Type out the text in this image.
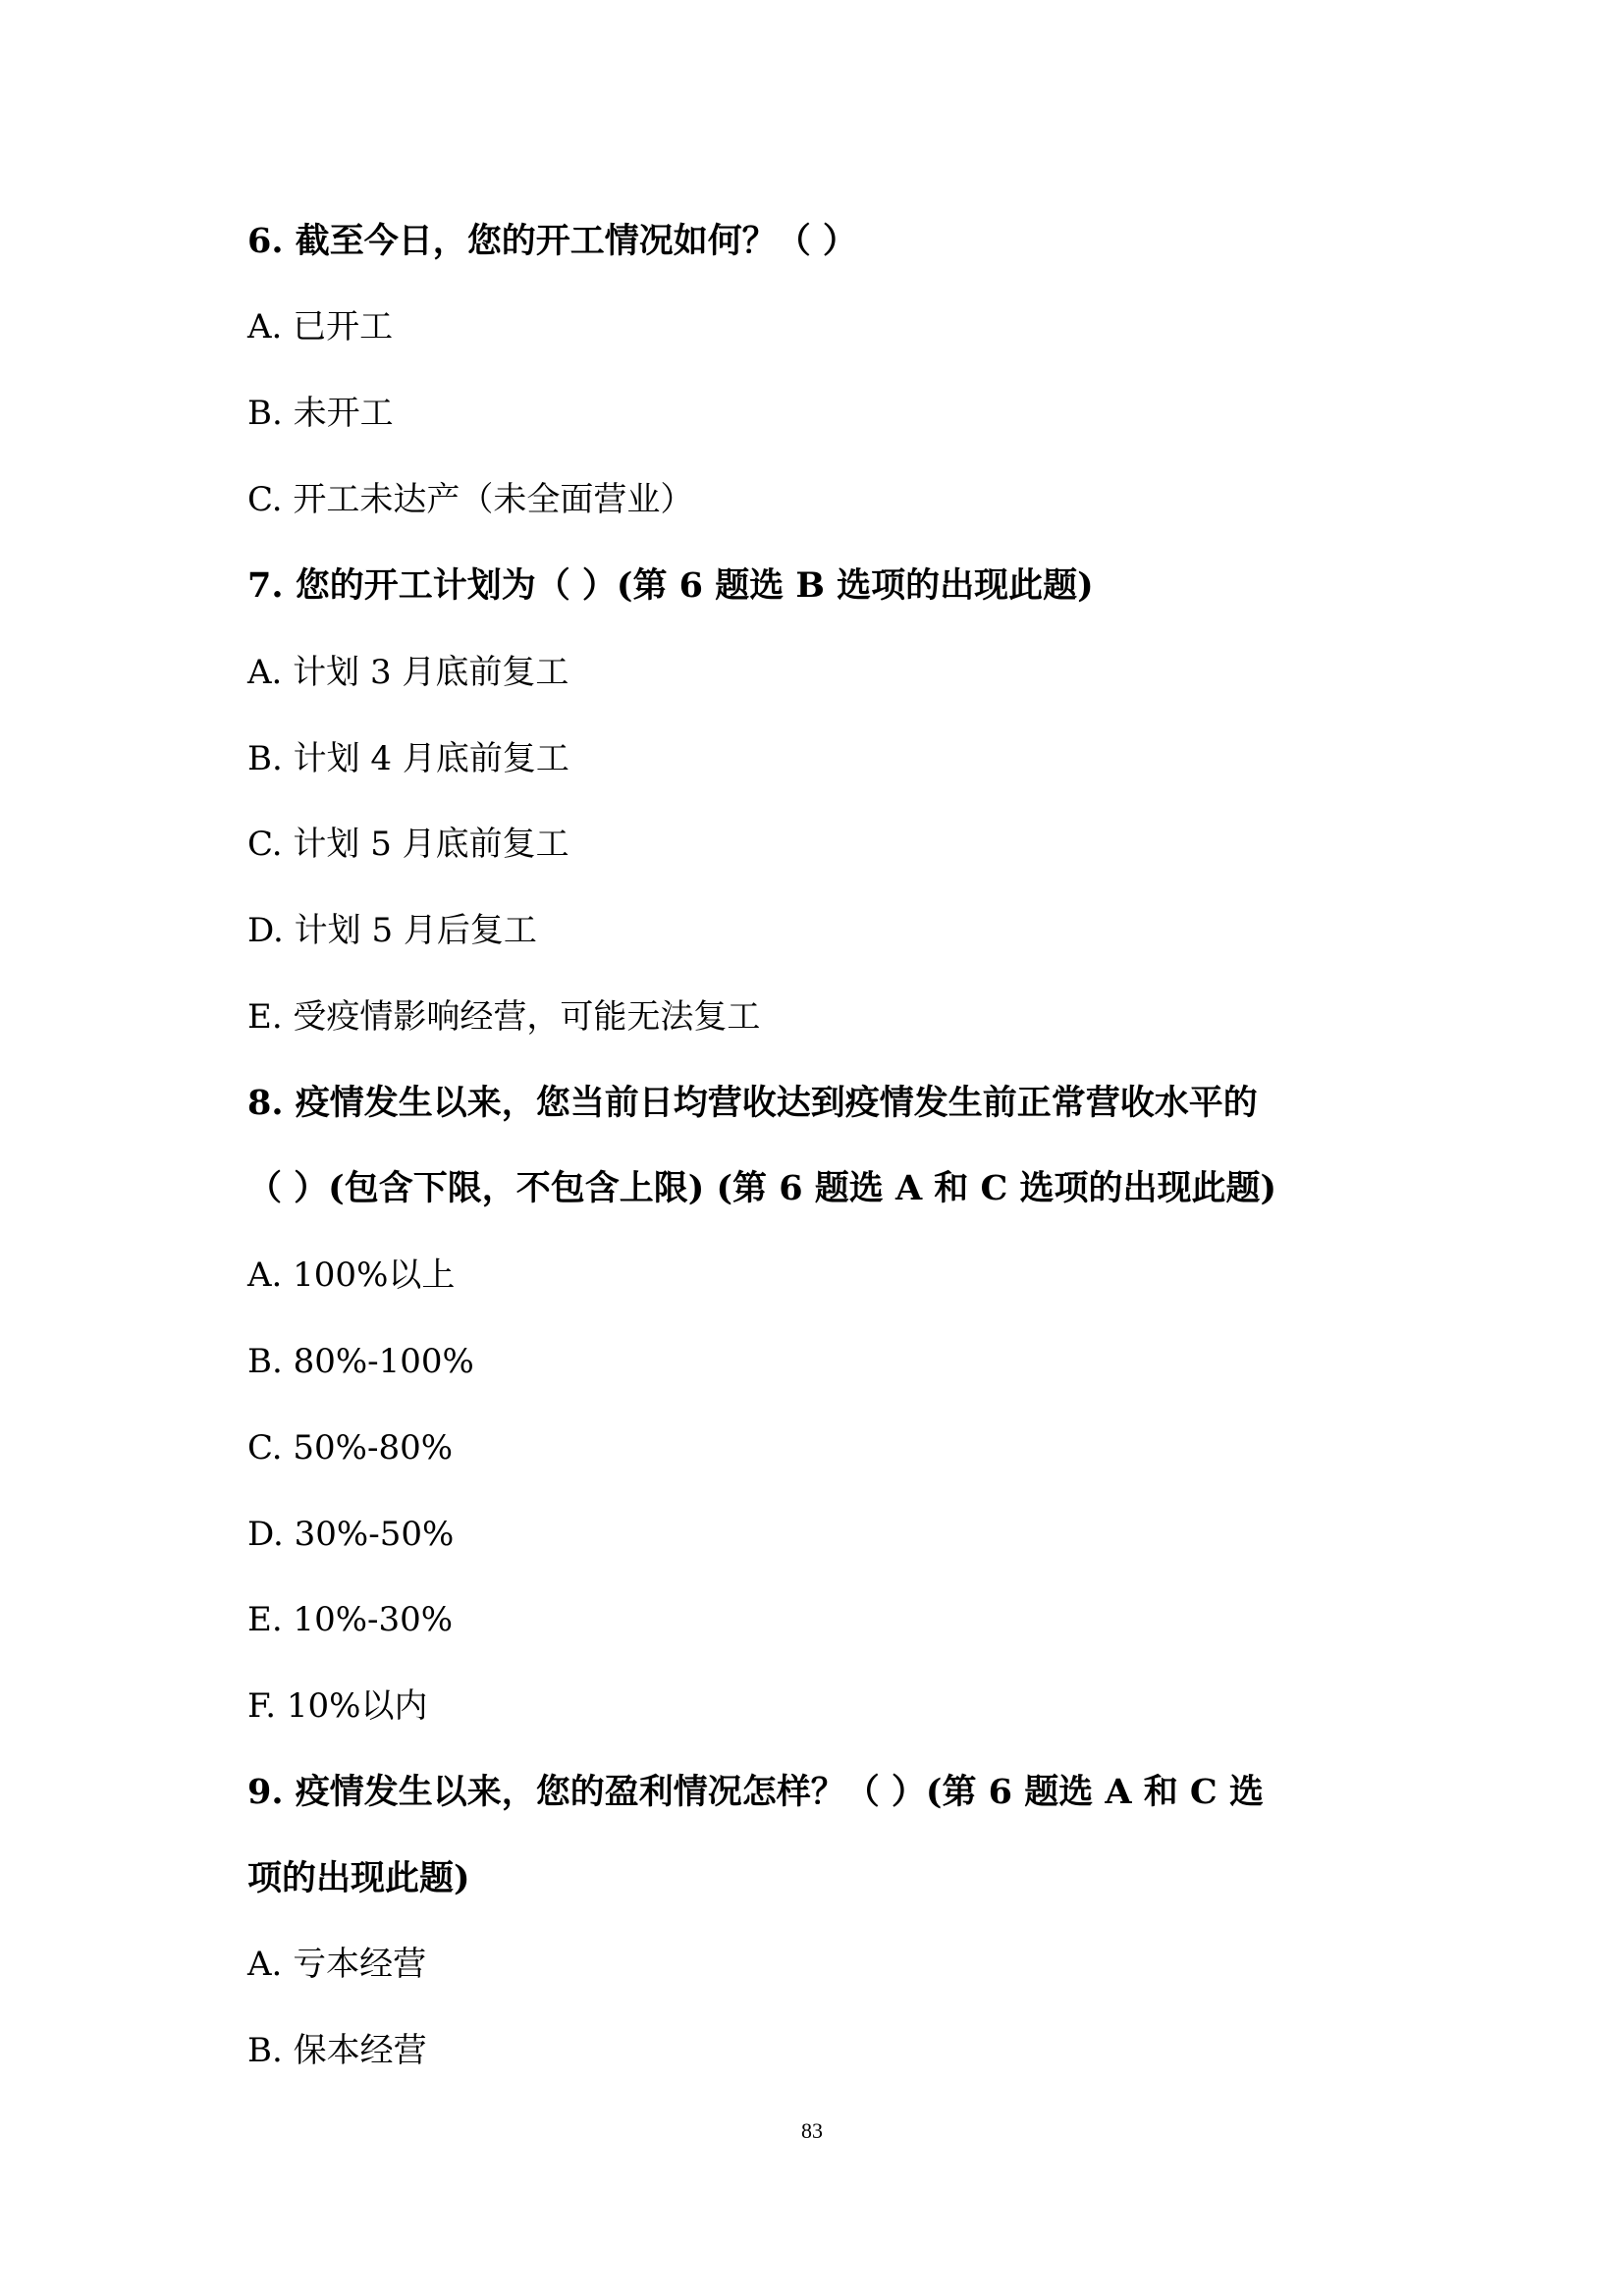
6. 截至今日，您的开工情况如何？（ ）
A. 已开工
B. 未开工
C. 开工未达产（未全面营业）
7. 您的开工计划为（ ）(第 6 题选 B 选项的出现此题)
A. 计划 3 月底前复工
B. 计划 4 月底前复工
C. 计划 5 月底前复工
D. 计划 5 月后复工
E. 受疫情影响经营，可能无法复工
8. 疫情发生以来，您当前日均营收达到疫情发生前正常营收水平的
（ ）(包含下限，不包含上限) (第 6 题选 A 和 C 选项的出现此题)
A. 100%以上
B. 80%-100%
C. 50%-80%
D. 30%-50%
E. 10%-30%
F. 10%以内
9. 疫情发生以来，您的盈利情况怎样？（ ）(第 6 题选 A 和 C 选
项的出现此题)
A. 亏本经营
B. 保本经营
83
